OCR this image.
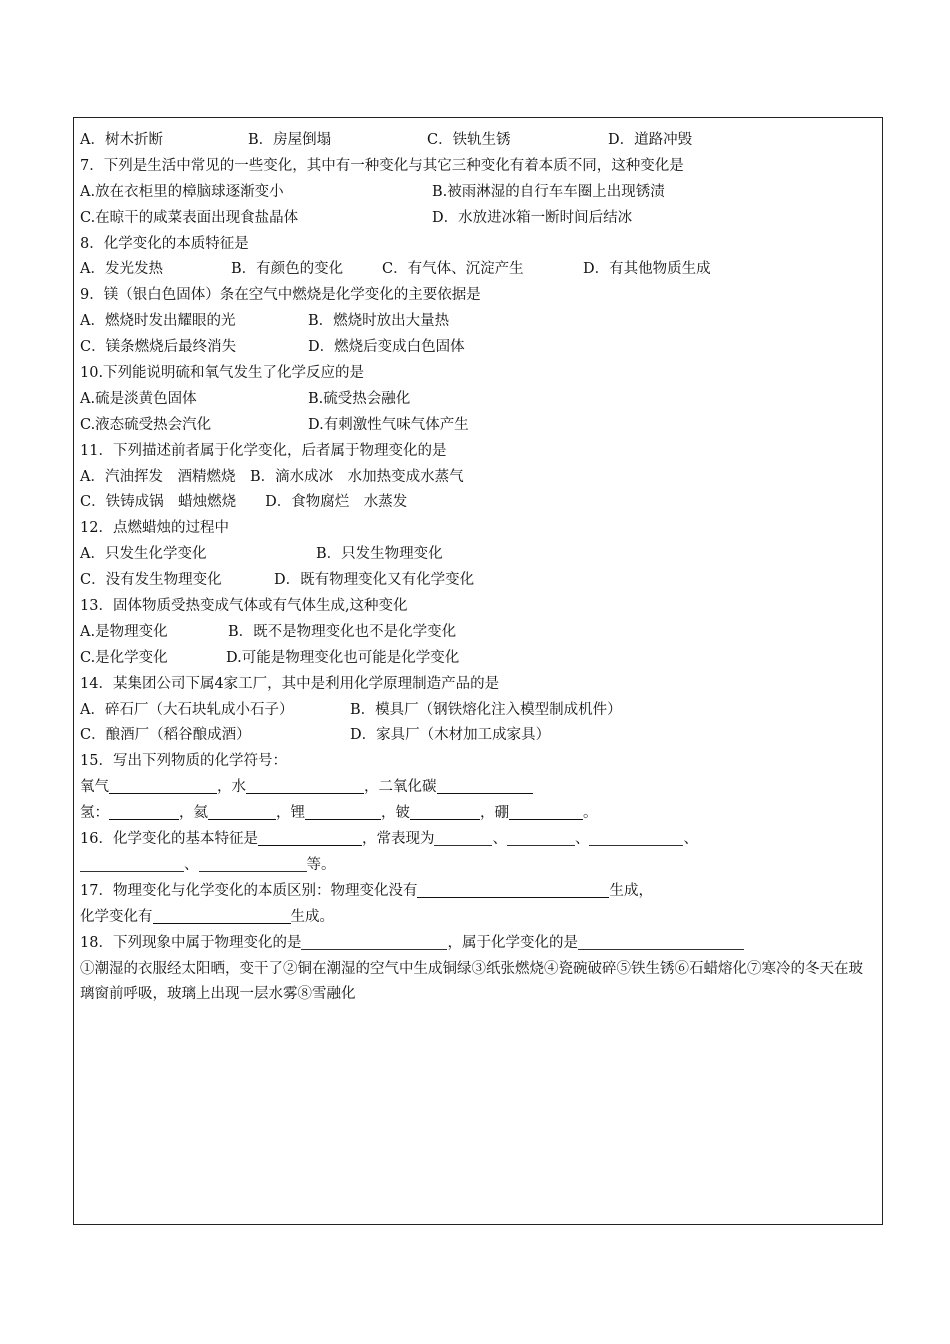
A．树木折断	B．房屋倒塌	C．铁轨生锈	D．道路冲毁
7．下列是生活中常见的一些变化，其中有一种变化与其它三种变化有着本质不同，这种变化是
A.放在衣柜里的樟脑球逐渐变小	B.被雨淋湿的自行车车圈上出现锈渍
C.在晾干的咸菜表面出现食盐晶体	D．水放进冰箱一断时间后结冰
8．化学变化的本质特征是
A．发光发热	B．有颜色的变化	C．有气体、沉淀产生	D．有其他物质生成
9．镁（银白色固体）条在空气中燃烧是化学变化的主要依据是
A．燃烧时发出耀眼的光	B．燃烧时放出大量热
C．镁条燃烧后最终消失	D．燃烧后变成白色固体
10.下列能说明硫和氧气发生了化学反应的是
A.硫是淡黄色固体	B.硫受热会融化
C.液态硫受热会汽化	D.有刺激性气味气体产生
11．下列描述前者属于化学变化，后者属于物理变化的是
A．汽油挥发　酒精燃烧　B．滴水成冰　水加热变成水蒸气
C．铁铸成锅　蜡烛燃烧　　D．食物腐烂　水蒸发
12．点燃蜡烛的过程中
A．只发生化学变化	B．只发生物理变化
C．没有发生物理变化	D．既有物理变化又有化学变化
13．固体物质受热变成气体或有气体生成,这种变化
A.是物理变化	B．既不是物理变化也不是化学变化
C.是化学变化	D.可能是物理变化也可能是化学变化
14．某集团公司下属4家工厂，其中是利用化学原理制造产品的是
A．碎石厂（大石块轧成小石子）	B．模具厂（钢铁熔化注入模型制成机件）
C．酿酒厂（稻谷酿成酒）	D．家具厂（木材加工成家具）
15．写出下列物质的化学符号：
氧气	，水	，二氧化碳
氢：	，氦	，锂	，铍	，硼	。
16．化学变化的基本特征是	，常表现为	、	、	、
、	等。
17．物理变化与化学变化的本质区别：物理变化没有	生成，
化学变化有	生成。
18．下列现象中属于物理变化的是	，属于化学变化的是
①潮湿的衣服经太阳晒，变干了②铜在潮湿的空气中生成铜绿③纸张燃烧④瓷碗破碎⑤铁生锈⑥石蜡熔化⑦寒冷的冬天在玻璃窗前呼吸，玻璃上出现一层水雾⑧雪融化
